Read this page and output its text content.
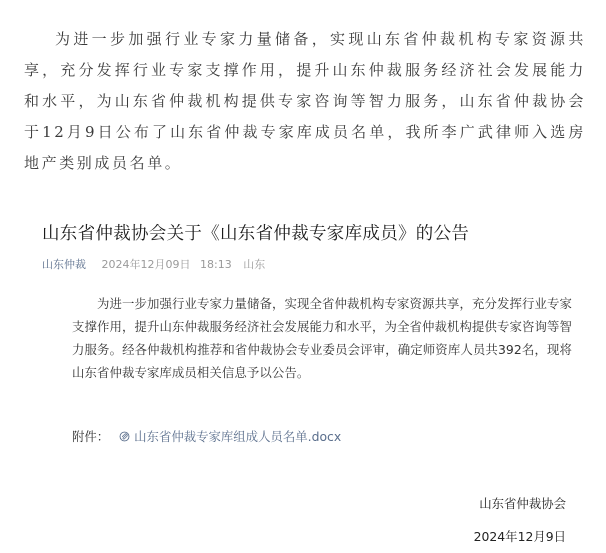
为进一步加强行业专家力量储备，实现山东省仲裁机构专家资源共享，充分发挥行业专家支撑作用，提升山东仲裁服务经济社会发展能力和水平，为山东省仲裁机构提供专家咨询等智力服务，山东省仲裁协会于12月9日公布了山东省仲裁专家库成员名单，我所李广武律师入选房地产类别成员名单。

山东省仲裁协会关于《山东省仲裁专家库成员》的公告
山东仲裁 2024年12月09日 18:13 山东

为进一步加强行业专家力量储备，实现全省仲裁机构专家资源共享，充分发挥行业专家支撑作用，提升山东仲裁服务经济社会发展能力和水平，为全省仲裁机构提供专家咨询等智力服务。经各仲裁机构推荐和省仲裁协会专业委员会评审，确定师资库人员共392名，现将山东省仲裁专家库成员相关信息予以公告。

附件： 山东省仲裁专家库组成人员名单.docx
山东省仲裁协会
2024年12月9日
